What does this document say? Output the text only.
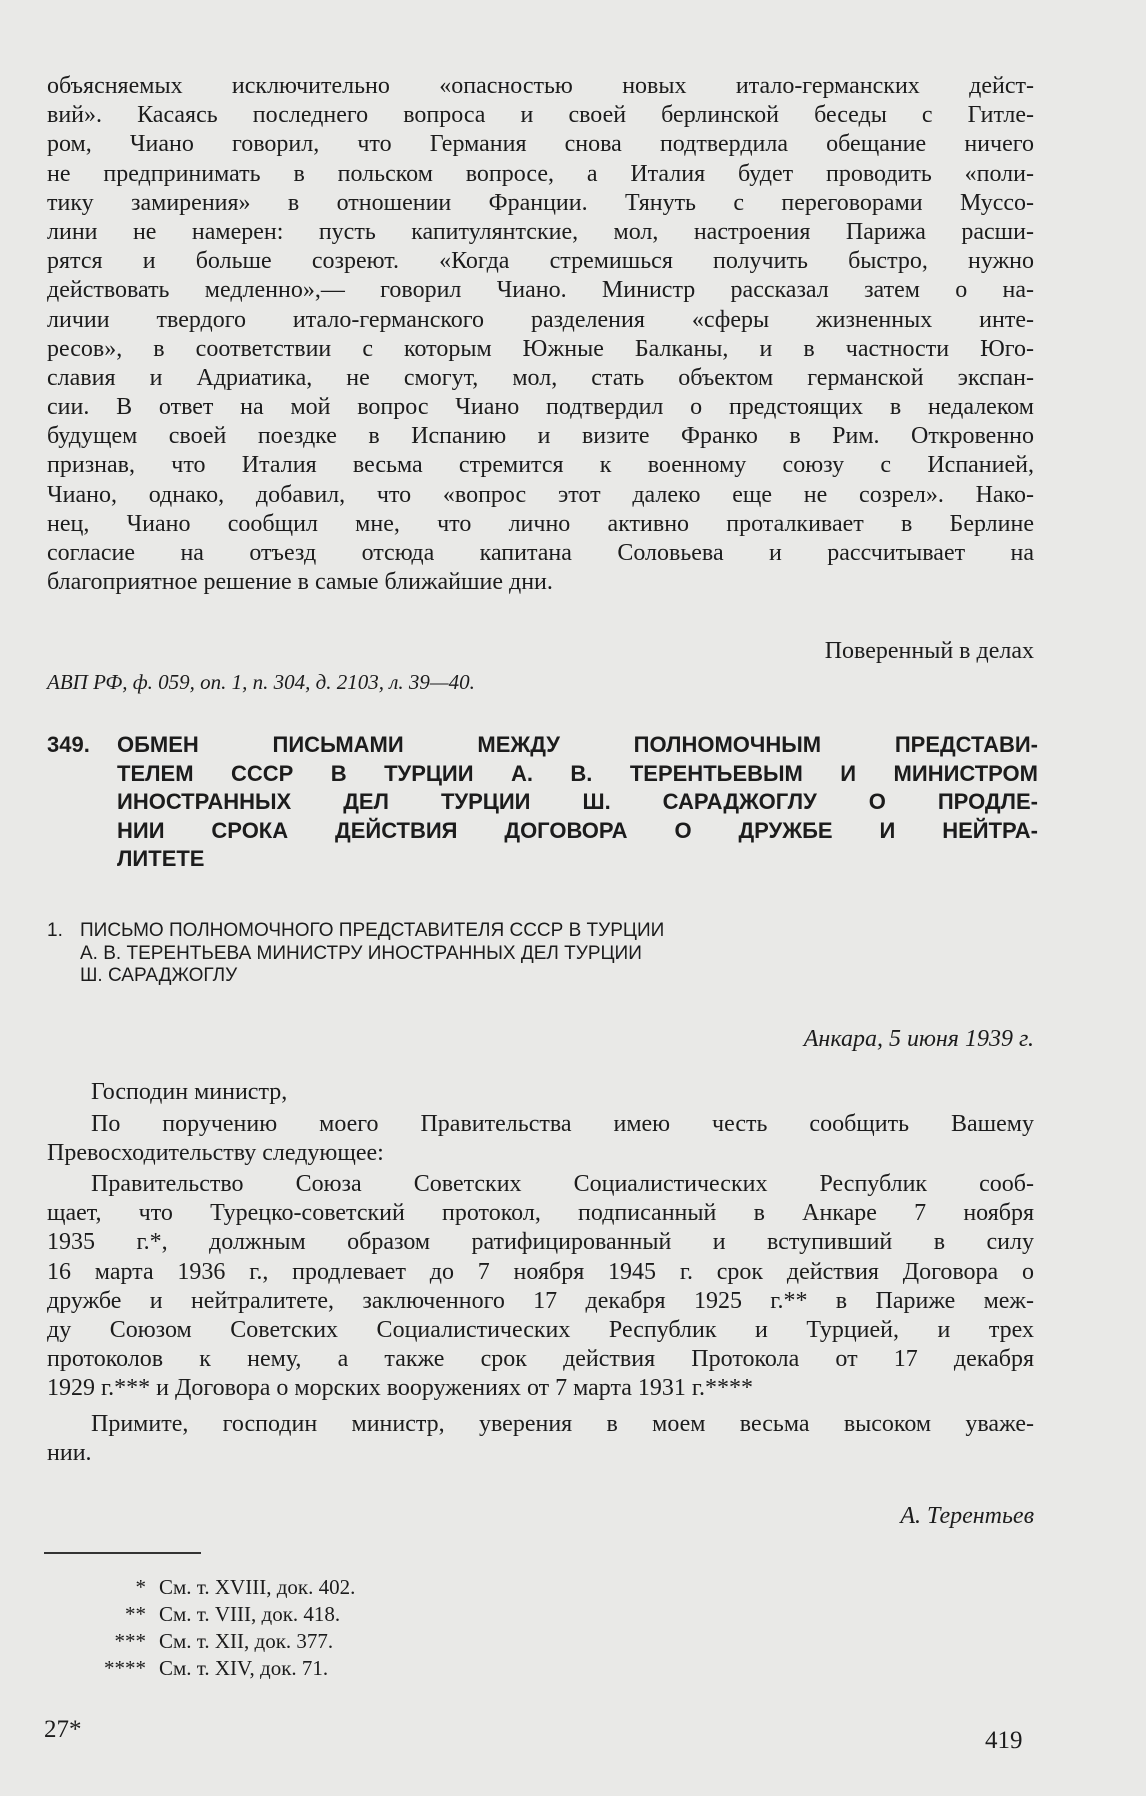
объясняемых исключительно «опасностью новых итало-германских дейст-
вий». Касаясь последнего вопроса и своей берлинской беседы с Гитле-
ром, Чиано говорил, что Германия снова подтвердила обещание ничего
не предпринимать в польском вопросе, а Италия будет проводить «поли-
тику замирения» в отношении Франции. Тянуть с переговорами Муссо-
лини не намерен: пусть капитулянтские, мол, настроения Парижа расши-
рятся и больше созреют. «Когда стремишься получить быстро, нужно
действовать медленно»,— говорил Чиано. Министр рассказал затем о на-
личии твердого итало-германского разделения «сферы жизненных инте-
ресов», в соответствии с которым Южные Балканы, и в частности Юго-
славия и Адриатика, не смогут, мол, стать объектом германской экспан-
сии. В ответ на мой вопрос Чиано подтвердил о предстоящих в недалеком
будущем своей поездке в Испанию и визите Франко в Рим. Откровенно
признав, что Италия весьма стремится к военному союзу с Испанией,
Чиано, однако, добавил, что «вопрос этот далеко еще не созрел». Нако-
нец, Чиано сообщил мне, что лично активно проталкивает в Берлине
согласие на отъезд отсюда капитана Соловьева и рассчитывает на
благоприятное решение в самые ближайшие дни.
Поверенный в делах
АВП РФ, ф. 059, оп. 1, п. 304, д. 2103, л. 39—40.
349. ОБМЕН ПИСЬМАМИ МЕЖДУ ПОЛНОМОЧНЫМ ПРЕДСТАВИ-
ТЕЛЕМ СССР В ТУРЦИИ А. В. ТЕРЕНТЬЕВЫМ И МИНИСТРОМ
ИНОСТРАННЫХ ДЕЛ ТУРЦИИ Ш. САРАДЖОГЛУ О ПРОДЛЕ-
НИИ СРОКА ДЕЙСТВИЯ ДОГОВОРА О ДРУЖБЕ И НЕЙТРА-
ЛИТЕТЕ
1. ПИСЬМО ПОЛНОМОЧНОГО ПРЕДСТАВИТЕЛЯ СССР В ТУРЦИИ
А. В. ТЕРЕНТЬЕВА МИНИСТРУ ИНОСТРАННЫХ ДЕЛ ТУРЦИИ
Ш. САРАДЖОГЛУ
Анкара, 5 июня 1939 г.
Господин министр,
По поручению моего Правительства имею честь сообщить Вашему
Превосходительству следующее:
Правительство Союза Советских Социалистических Республик сооб-
щает, что Турецко-советский протокол, подписанный в Анкаре 7 ноября
1935 г.*, должным образом ратифицированный и вступивший в силу
16 марта 1936 г., продлевает до 7 ноября 1945 г. срок действия Договора о
дружбе и нейтралитете, заключенного 17 декабря 1925 г.** в Париже меж-
ду Союзом Советских Социалистических Республик и Турцией, и трех
протоколов к нему, а также срок действия Протокола от 17 декабря
1929 г.*** и Договора о морских вооружениях от 7 марта 1931 г.****
Примите, господин министр, уверения в моем весьма высоком уваже-
нии.
А. Терентьев
* См. т. XVIII, док. 402.
** См. т. VIII, док. 418.
*** См. т. XII, док. 377.
**** См. т. XIV, док. 71.
27*	419
